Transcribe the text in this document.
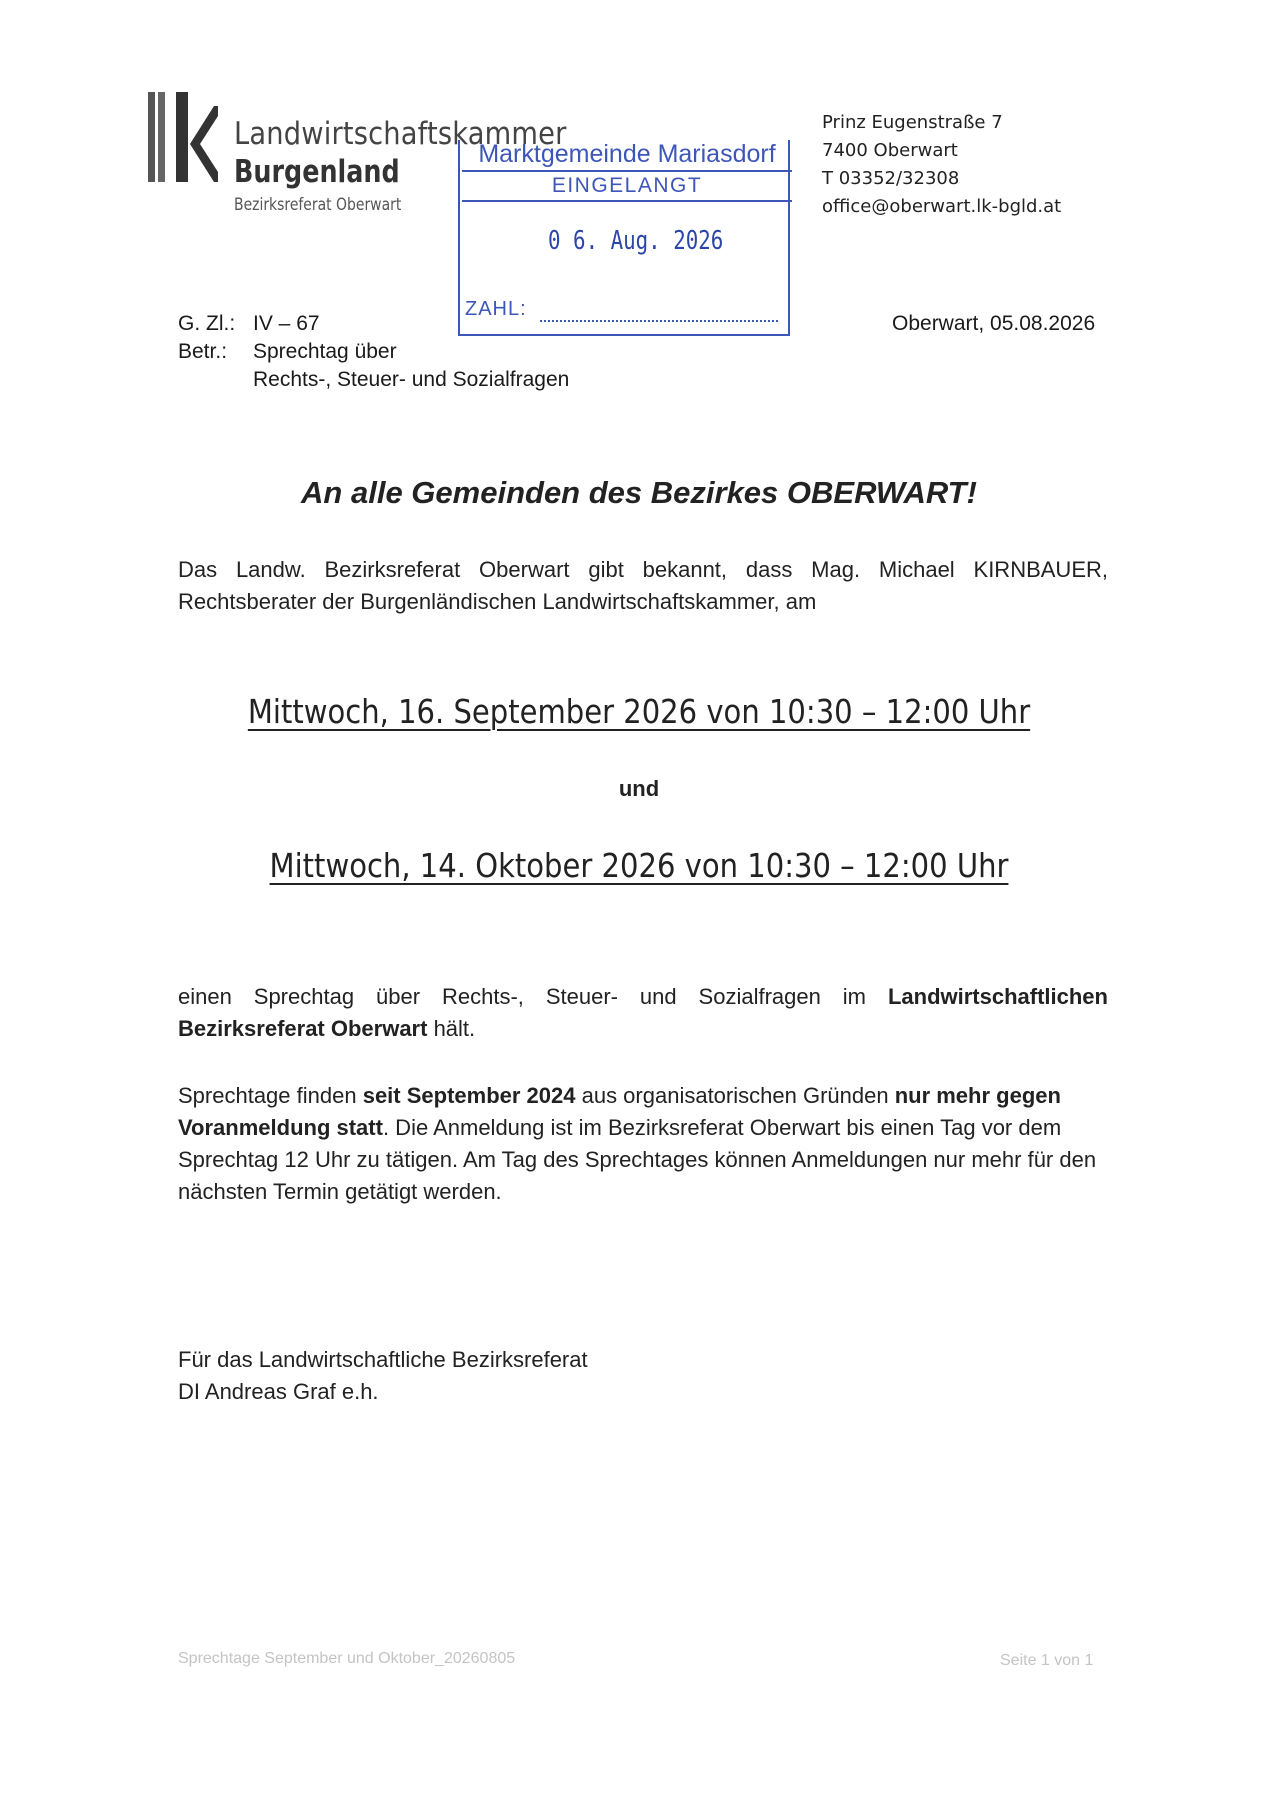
Landwirtschaftskammer
Burgenland
Bezirksreferat Oberwart
Prinz Eugenstraße 7
7400 Oberwart
T 03352/32308
office@oberwart.lk-bgld.at
Marktgemeinde Mariasdorf
EINGELANGT
0 6. Aug. 2026
ZAHL:
G. Zl.: IV – 67
Betr.: Sprechtag über
Rechts-, Steuer- und Sozialfragen
Oberwart, 05.08.2026
An alle Gemeinden des Bezirkes OBERWART!
Das Landw. Bezirksreferat Oberwart gibt bekannt, dass Mag. Michael KIRNBAUER,
Rechtsberater der Burgenländischen Landwirtschaftskammer, am
Mittwoch, 16. September 2026 von 10:30 – 12:00 Uhr
und
Mittwoch, 14. Oktober 2026 von 10:30 – 12:00 Uhr
einen Sprechtag über Rechts-, Steuer- und Sozialfragen im Landwirtschaftlichen Bezirksreferat Oberwart hält.
Sprechtage finden seit September 2024 aus organisatorischen Gründen nur mehr gegen Voranmeldung statt. Die Anmeldung ist im Bezirksreferat Oberwart bis einen Tag vor dem Sprechtag 12 Uhr zu tätigen. Am Tag des Sprechtages können Anmeldungen nur mehr für den nächsten Termin getätigt werden.
Für das Landwirtschaftliche Bezirksreferat
DI Andreas Graf e.h.
Sprechtage September und Oktober_20260805	Seite 1 von 1
